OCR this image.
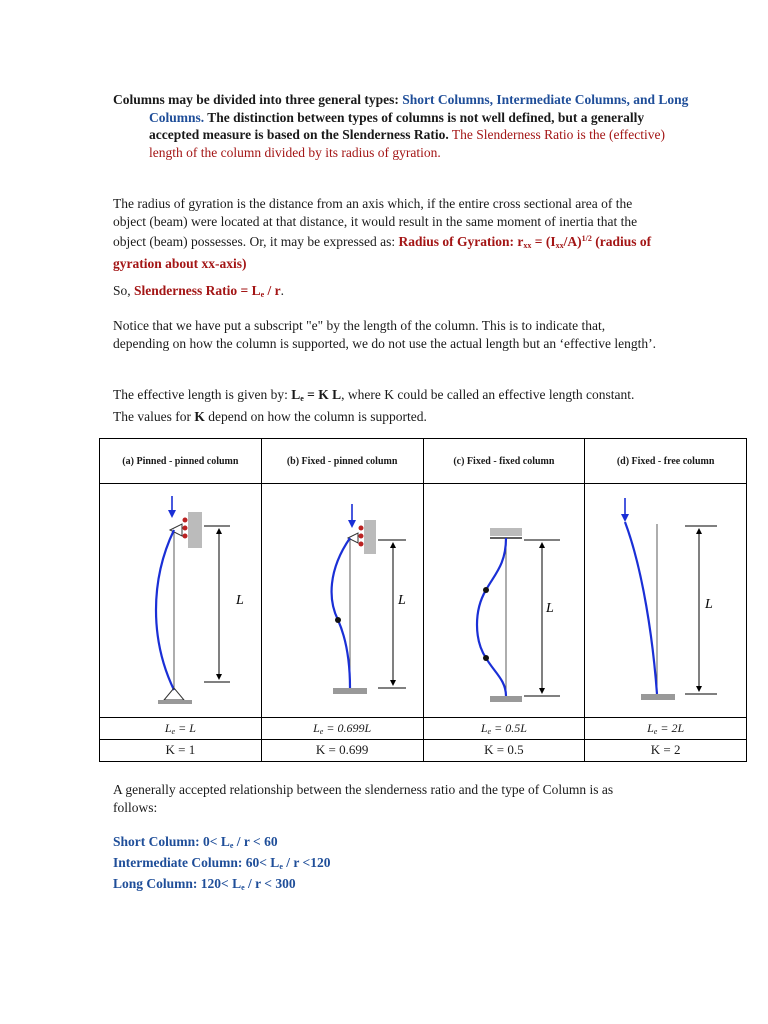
Columns may be divided into three general types: Short Columns, Intermediate Columns, and Long Columns. The distinction between types of columns is not well defined, but a generally accepted measure is based on the Slenderness Ratio. The Slenderness Ratio is the (effective) length of the column divided by its radius of gyration.

The radius of gyration is the distance from an axis which, if the entire cross sectional area of the object (beam) were located at that distance, it would result in the same moment of inertia that the object (beam) possesses. Or, it may be expressed as: Radius of Gyration: $r_{xx} = (I_{xx}/A)^{1/2}$ (radius of gyration about xx-axis)

So, Slenderness Ratio = $L_e$ / r.

Notice that we have put a subscript "e" by the length of the column. This is to indicate that, depending on how the column is supported, we do not use the actual length but an ‘effective length’.

The effective length is given by: $L_e = K$ L, where K could be called an effective length constant. The values for K depend on how the column is supported.

(a) Pinned - pinned column	(b) Fixed - pinned column	(c) Fixed - fixed column	(d) Fixed - free column

L	L	L	L

$L_e = L$	$L_e = 0.699L$	$L_e = 0.5L$	$L_e = 2L$
K = 1	K = 0.699	K = 0.5	K = 2

A generally accepted relationship between the slenderness ratio and the type of Column is as follows:

Short Column: $0< L_e / r < 60$
Intermediate Column: $60< L_e / r <120$
Long Column: $120< L_e / r < 300$
